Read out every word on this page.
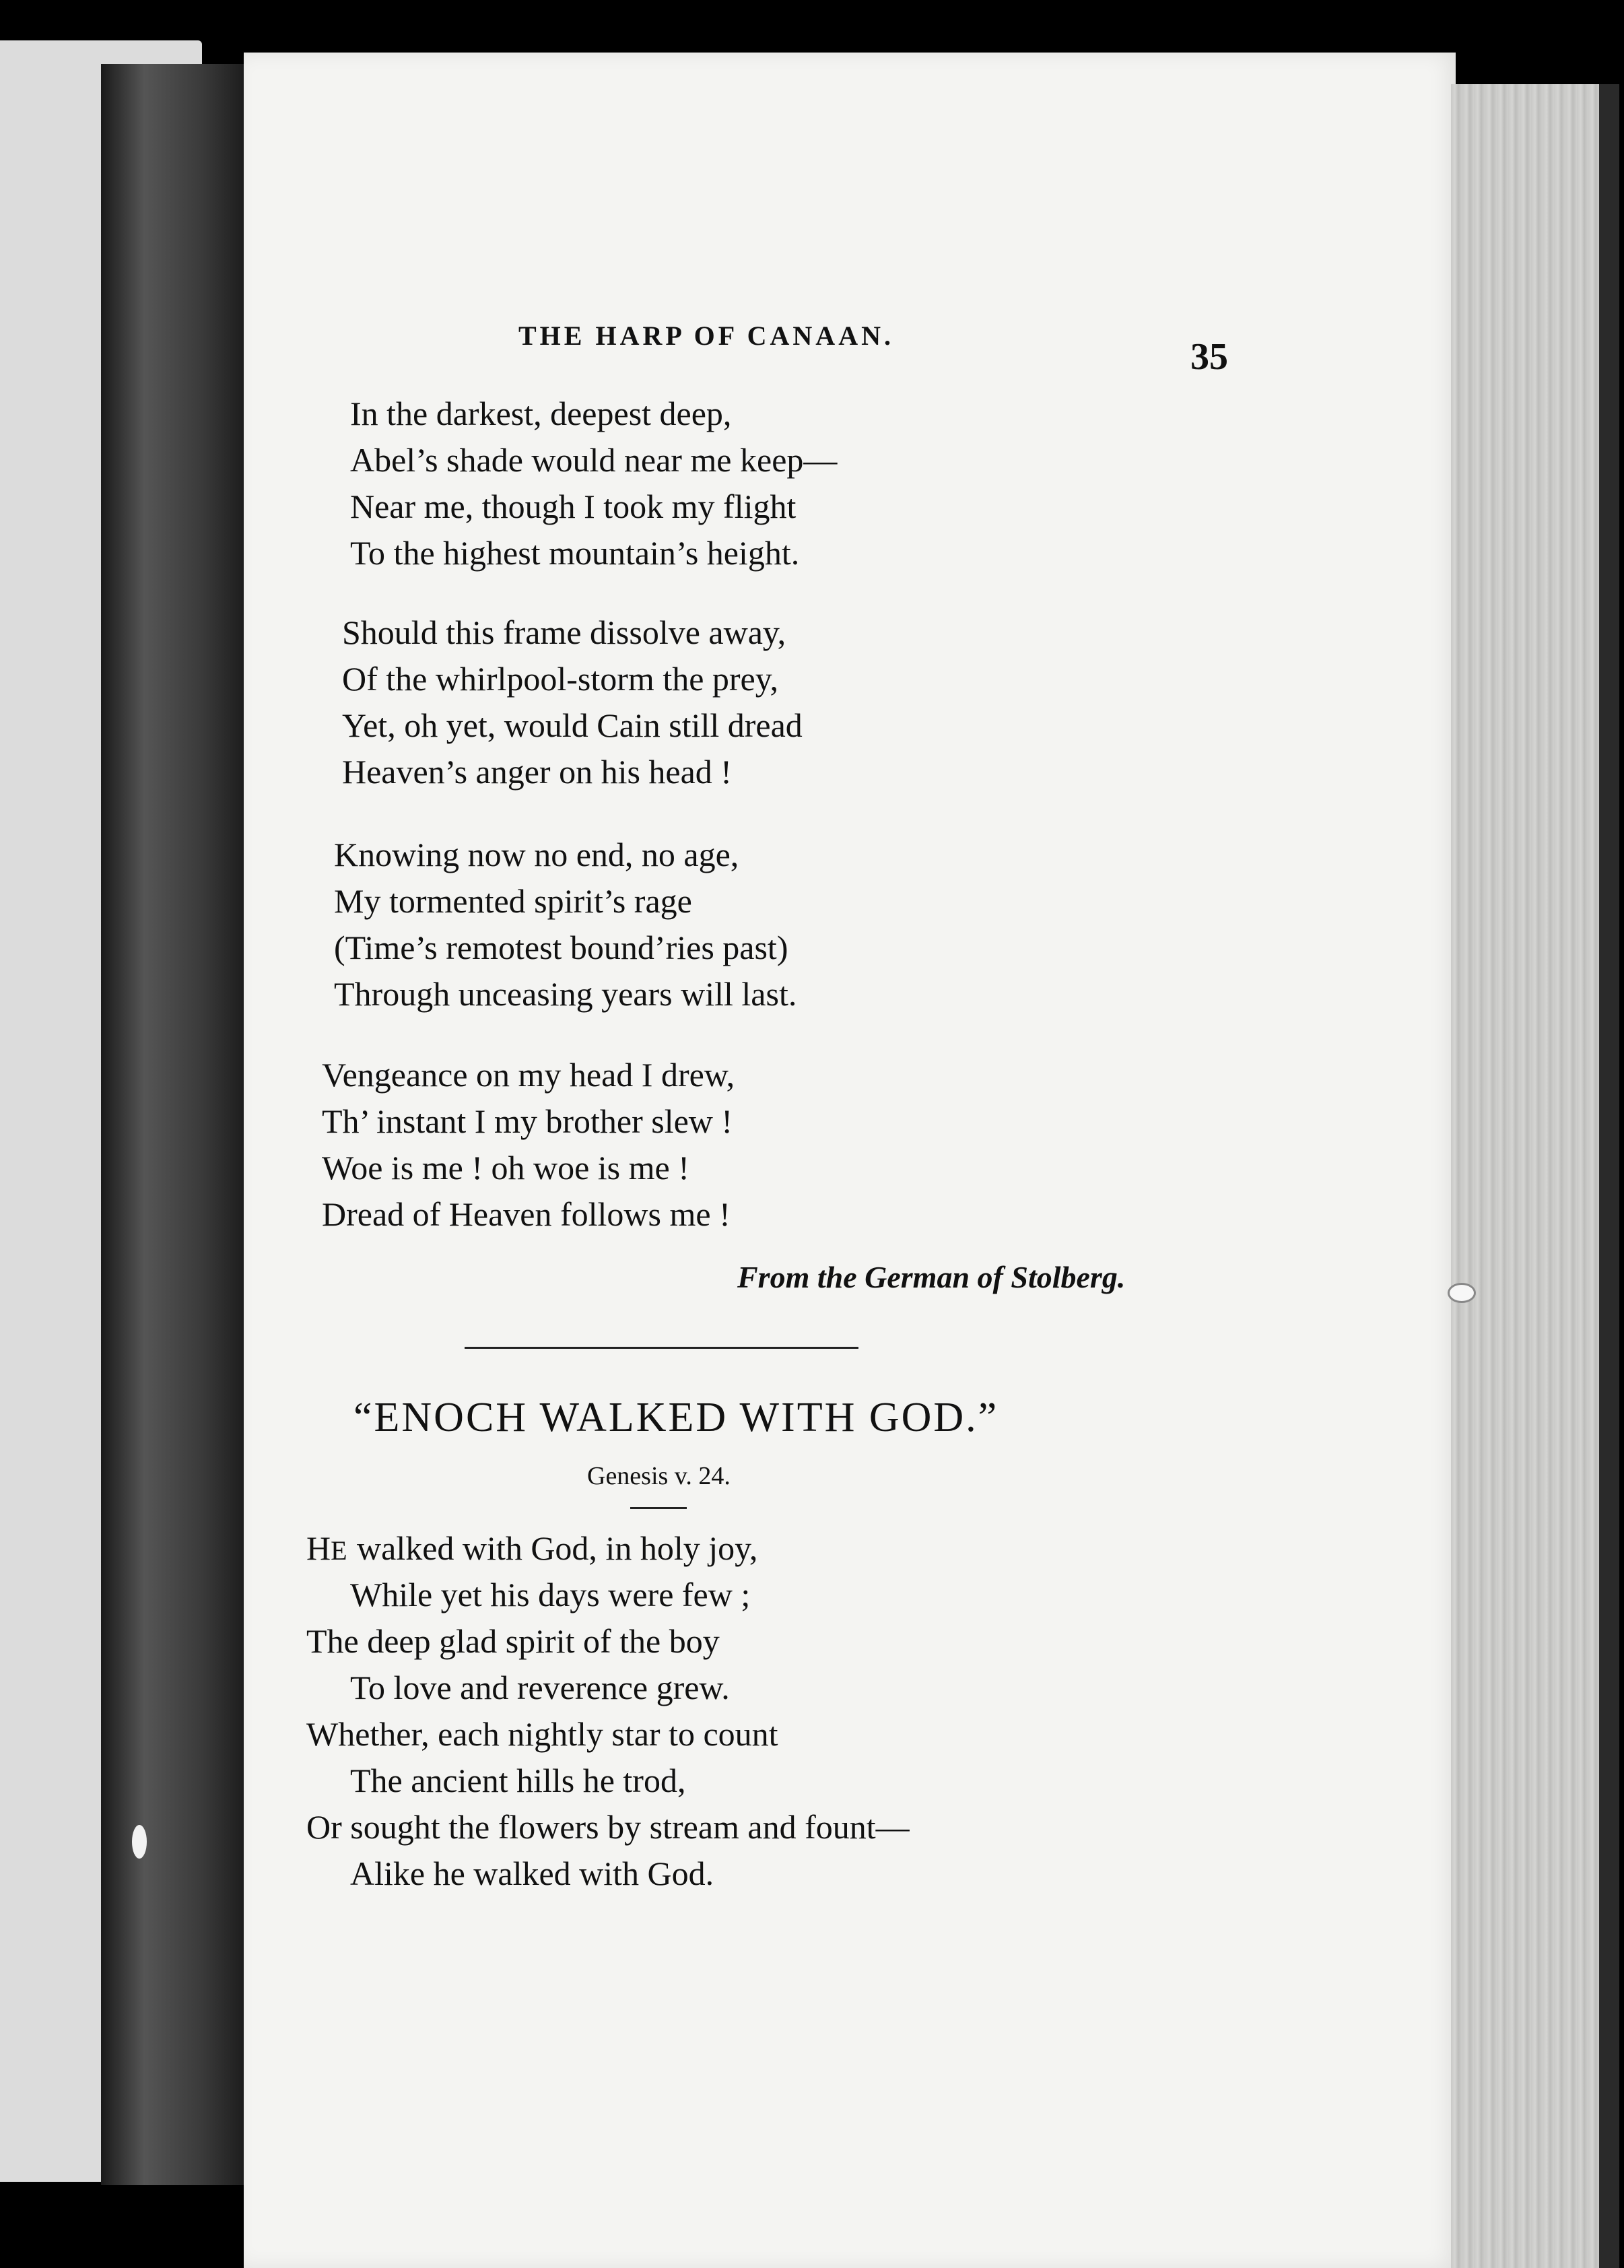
THE HARP OF CANAAN.
35
In the darkest, deepest deep,
Abel’s shade would near me keep—
Near me, though I took my flight
To the highest mountain’s height.
Should this frame dissolve away,
Of the whirlpool-storm the prey,
Yet, oh yet, would Cain still dread
Heaven’s anger on his head !
Knowing now no end, no age,
My tormented spirit’s rage
(Time’s remotest bound’ries past)
Through unceasing years will last.
Vengeance on my head I drew,
Th’ instant I my brother slew !
Woe is me ! oh woe is me !
Dread of Heaven follows me !
From the German of Stolberg.
“ENOCH WALKED WITH GOD.”
Genesis v. 24.
HE walked with God, in holy joy,
While yet his days were few ;
The deep glad spirit of the boy
To love and reverence grew.
Whether, each nightly star to count
The ancient hills he trod,
Or sought the flowers by stream and fount—
Alike he walked with God.
